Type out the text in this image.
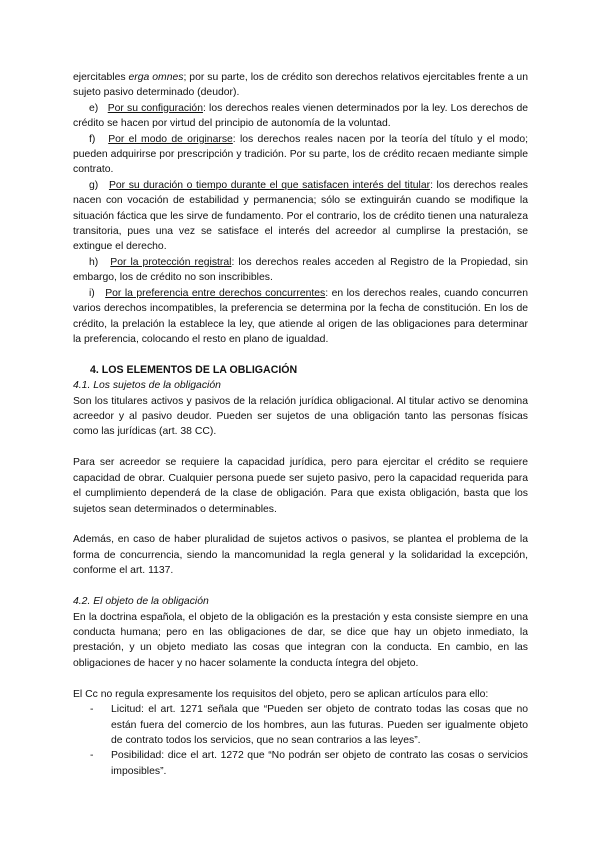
ejercitables erga omnes; por su parte, los de crédito son derechos relativos ejercitables frente a un sujeto pasivo determinado (deudor).

e) Por su configuración: los derechos reales vienen determinados por la ley. Los derechos de crédito se hacen por virtud del principio de autonomía de la voluntad.

f) Por el modo de originarse: los derechos reales nacen por la teoría del título y el modo; pueden adquirirse por prescripción y tradición. Por su parte, los de crédito recaen mediante simple contrato.

g) Por su duración o tiempo durante el que satisfacen interés del titular: los derechos reales nacen con vocación de estabilidad y permanencia; sólo se extinguirán cuando se modifique la situación fáctica que les sirve de fundamento. Por el contrario, los de crédito tienen una naturaleza transitoria, pues una vez se satisface el interés del acreedor al cumplirse la prestación, se extingue el derecho.

h) Por la protección registral: los derechos reales acceden al Registro de la Propiedad, sin embargo, los de crédito no son inscribibles.

i) Por la preferencia entre derechos concurrentes: en los derechos reales, cuando concurren varios derechos incompatibles, la preferencia se determina por la fecha de constitución. En los de crédito, la prelación la establece la ley, que atiende al origen de las obligaciones para determinar la preferencia, colocando el resto en plano de igualdad.

4. LOS ELEMENTOS DE LA OBLIGACIÓN

4.1. Los sujetos de la obligación

Son los titulares activos y pasivos de la relación jurídica obligacional. Al titular activo se denomina acreedor y al pasivo deudor. Pueden ser sujetos de una obligación tanto las personas físicas como las jurídicas (art. 38 CC).

Para ser acreedor se requiere la capacidad jurídica, pero para ejercitar el crédito se requiere capacidad de obrar. Cualquier persona puede ser sujeto pasivo, pero la capacidad requerida para el cumplimiento dependerá de la clase de obligación. Para que exista obligación, basta que los sujetos sean determinados o determinables.

Además, en caso de haber pluralidad de sujetos activos o pasivos, se plantea el problema de la forma de concurrencia, siendo la mancomunidad la regla general y la solidaridad la excepción, conforme el art. 1137.

4.2. El objeto de la obligación

En la doctrina española, el objeto de la obligación es la prestación y esta consiste siempre en una conducta humana; pero en las obligaciones de dar, se dice que hay un objeto inmediato, la prestación, y un objeto mediato las cosas que integran con la conducta. En cambio, en las obligaciones de hacer y no hacer solamente la conducta íntegra del objeto.

El Cc no regula expresamente los requisitos del objeto, pero se aplican artículos para ello:

- Licitud: el art. 1271 señala que “Pueden ser objeto de contrato todas las cosas que no están fuera del comercio de los hombres, aun las futuras. Pueden ser igualmente objeto de contrato todos los servicios, que no sean contrarios a las leyes”.
- Posibilidad: dice el art. 1272 que “No podrán ser objeto de contrato las cosas o servicios imposibles”.
